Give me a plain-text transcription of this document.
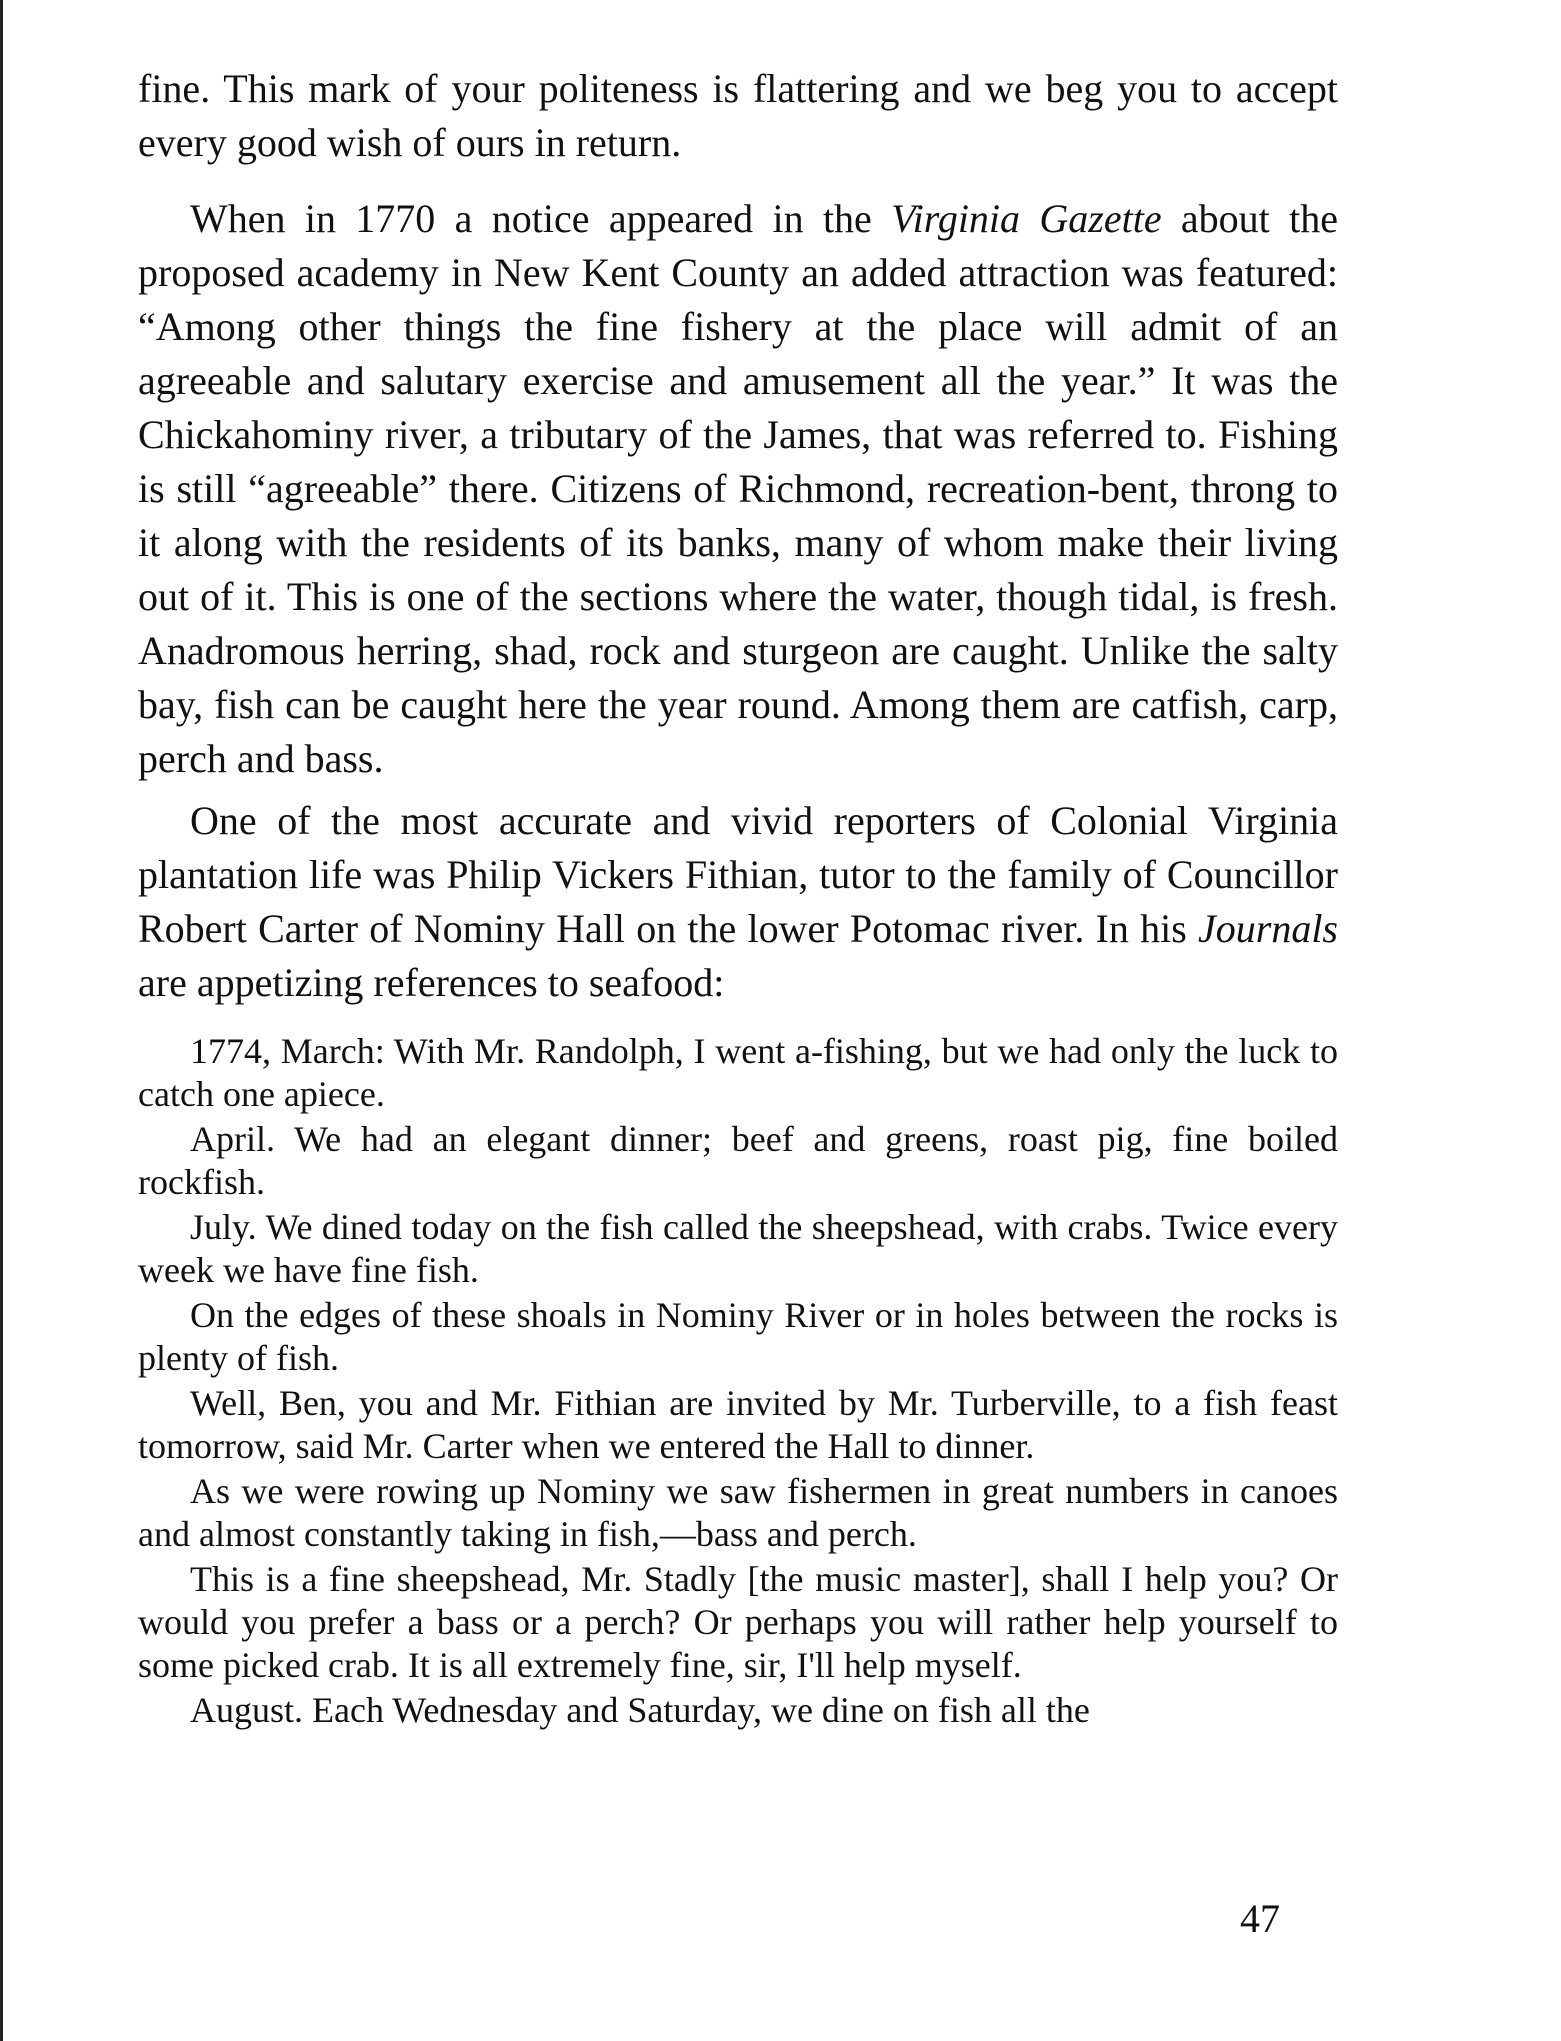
fine. This mark of your politeness is flattering and we beg you to accept every good wish of ours in return.

When in 1770 a notice appeared in the Virginia Gazette about the proposed academy in New Kent County an added attraction was featured: “Among other things the fine fishery at the place will admit of an agreeable and salutary exercise and amusement all the year.” It was the Chickahominy river, a tributary of the James, that was referred to. Fishing is still “agreeable” there. Citizens of Richmond, recreation-bent, throng to it along with the residents of its banks, many of whom make their living out of it. This is one of the sections where the water, though tidal, is fresh. Anadromous herring, shad, rock and sturgeon are caught. Unlike the salty bay, fish can be caught here the year round. Among them are catfish, carp, perch and bass.

One of the most accurate and vivid reporters of Colonial Virginia plantation life was Philip Vickers Fithian, tutor to the family of Councillor Robert Carter of Nominy Hall on the lower Potomac river. In his Journals are appetizing references to seafood:

1774, March: With Mr. Randolph, I went a-fishing, but we had only the luck to catch one apiece.

April. We had an elegant dinner; beef and greens, roast pig, fine boiled rockfish.

July. We dined today on the fish called the sheepshead, with crabs. Twice every week we have fine fish.

On the edges of these shoals in Nominy River or in holes between the rocks is plenty of fish.

Well, Ben, you and Mr. Fithian are invited by Mr. Turberville, to a fish feast tomorrow, said Mr. Carter when we entered the Hall to dinner.

As we were rowing up Nominy we saw fishermen in great numbers in canoes and almost constantly taking in fish,—bass and perch.

This is a fine sheepshead, Mr. Stadly [the music master], shall I help you? Or would you prefer a bass or a perch? Or perhaps you will rather help yourself to some picked crab. It is all extremely fine, sir, I'll help myself.

August. Each Wednesday and Saturday, we dine on fish all the

47
